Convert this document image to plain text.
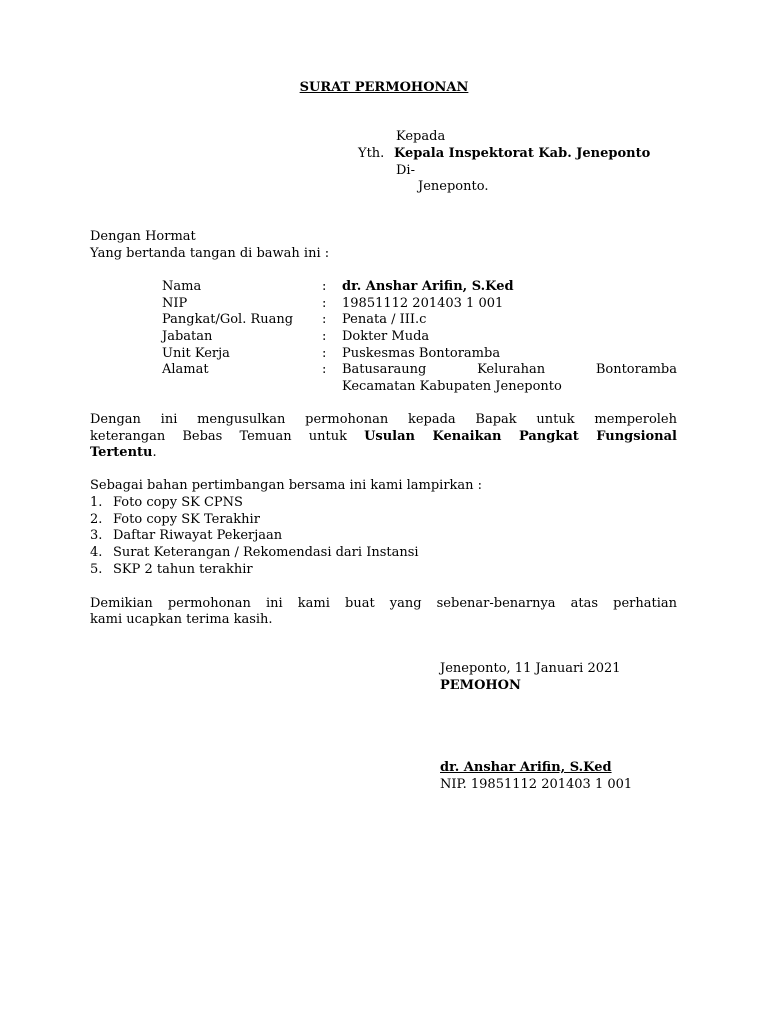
SURAT PERMOHONAN
Kepada
Yth. Kepala Inspektorat Kab. Jeneponto
Di-
Jeneponto.
Dengan Hormat
Yang bertanda tangan di bawah ini :
Nama	: dr. Anshar Arifin, S.Ked
NIP	: 19851112 201403 1 001
Pangkat/Gol. Ruang : Penata / III.c
Jabatan	: Dokter Muda
Unit Kerja	: Puskesmas Bontoramba
Alamat	: Batusaraung Kelurahan Bontoramba
Kecamatan Kabupaten Jeneponto
Dengan ini mengusulkan permohonan kepada Bapak untuk memperoleh
keterangan Bebas Temuan untuk Usulan Kenaikan Pangkat Fungsional
Tertentu.
Sebagai bahan pertimbangan bersama ini kami lampirkan :
1. Foto copy SK CPNS
2. Foto copy SK Terakhir
3. Daftar Riwayat Pekerjaan
4. Surat Keterangan / Rekomendasi dari Instansi
5. SKP 2 tahun terakhir
Demikian permohonan ini kami buat yang sebenar-benarnya atas perhatian
kami ucapkan terima kasih.
Jeneponto, 11 Januari 2021
PEMOHON
dr. Anshar Arifin, S.Ked
NIP. 19851112 201403 1 001
